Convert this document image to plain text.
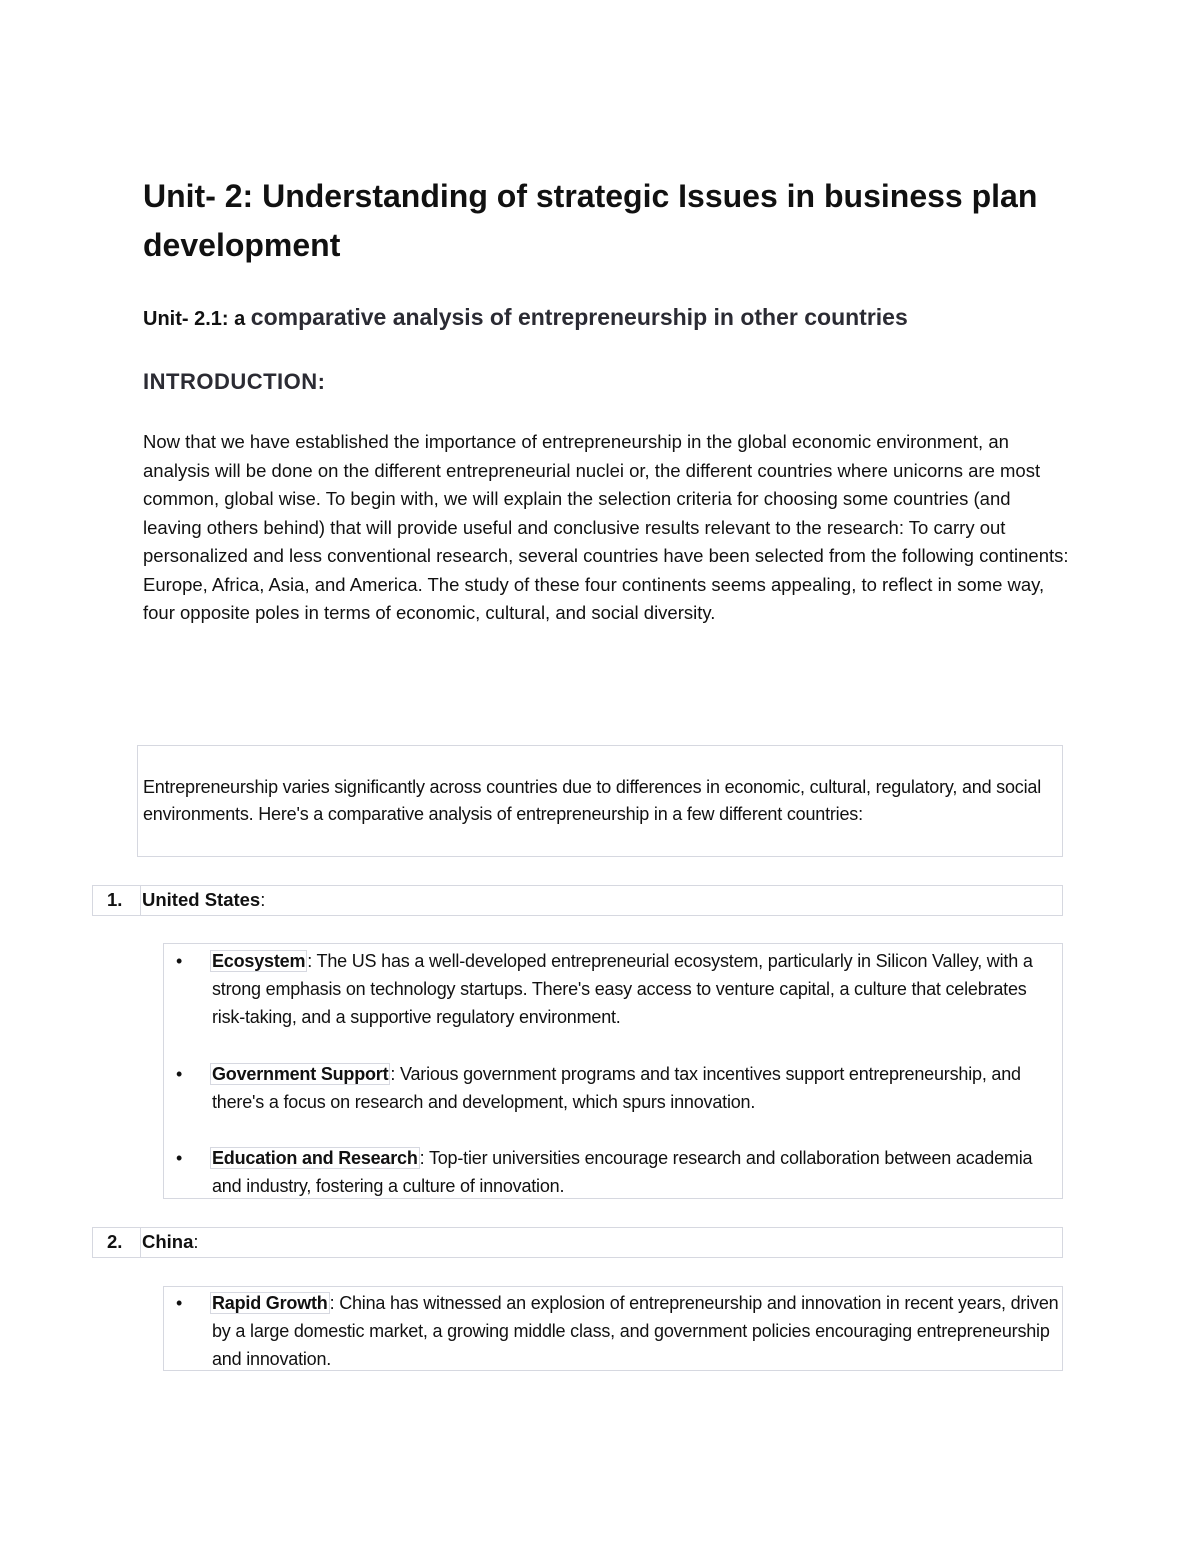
Unit- 2: Understanding of strategic Issues in business plan development
Unit- 2.1: a comparative analysis of entrepreneurship in other countries
INTRODUCTION:

Now that we have established the importance of entrepreneurship in the global economic environment, an analysis will be done on the different entrepreneurial nuclei or, the different countries where unicorns are most common, global wise. To begin with, we will explain the selection criteria for choosing some countries (and leaving others behind) that will provide useful and conclusive results relevant to the research: To carry out personalized and less conventional research, several countries have been selected from the following continents: Europe, Africa, Asia, and America. The study of these four continents seems appealing, to reflect in some way, four opposite poles in terms of economic, cultural, and social diversity.

Entrepreneurship varies significantly across countries due to differences in economic, cultural, regulatory, and social environments. Here's a comparative analysis of entrepreneurship in a few different countries:

1. United States:
• Ecosystem : The US has a well-developed entrepreneurial ecosystem, particularly in Silicon Valley, with a strong emphasis on technology startups. There's easy access to venture capital, a culture that celebrates risk-taking, and a supportive regulatory environment.
• Government Support : Various government programs and tax incentives support entrepreneurship, and there's a focus on research and development, which spurs innovation.
• Education and Research : Top-tier universities encourage research and collaboration between academia and industry, fostering a culture of innovation.
2. China:
• Rapid Growth : China has witnessed an explosion of entrepreneurship and innovation in recent years, driven by a large domestic market, a growing middle class, and government policies encouraging entrepreneurship and innovation.
